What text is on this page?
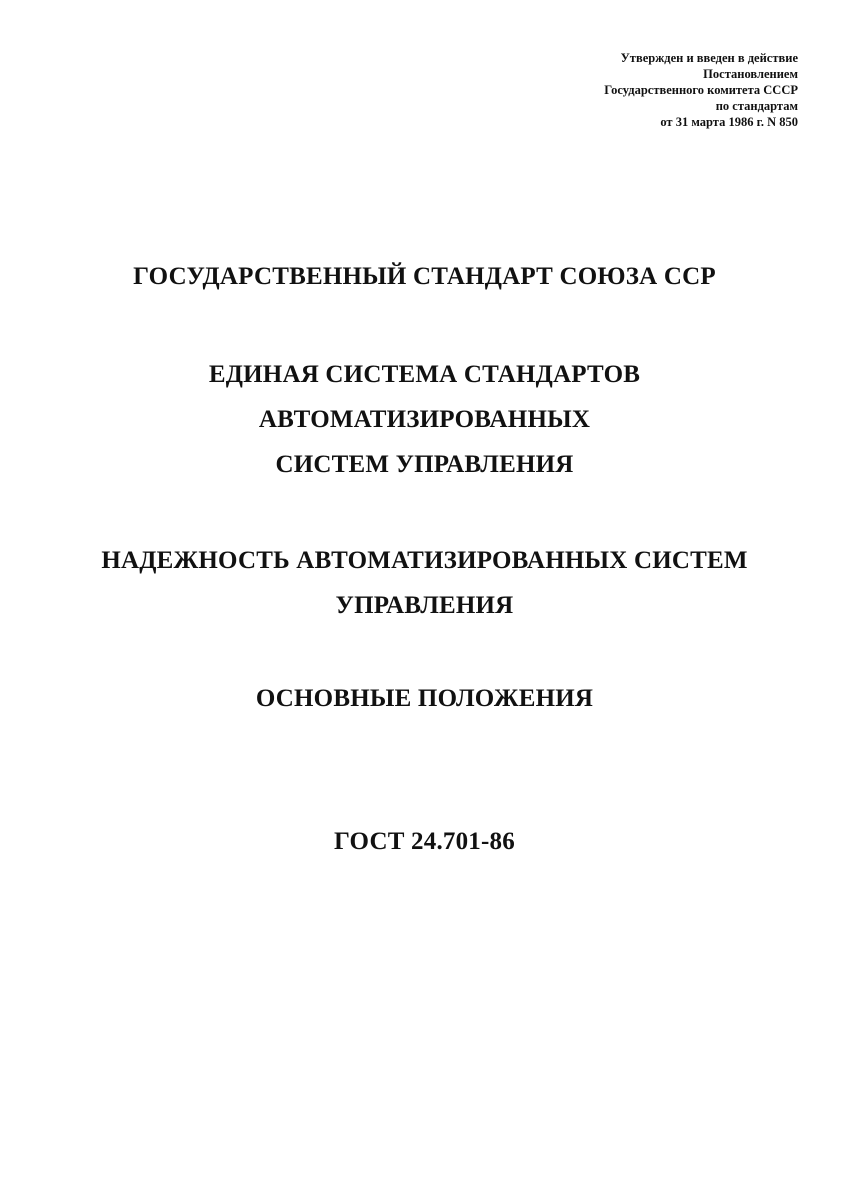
Утвержден и введен в действие
Постановлением
Государственного комитета СССР
по стандартам
от 31 марта 1986 г. N 850
ГОСУДАРСТВЕННЫЙ СТАНДАРТ СОЮЗА ССР
ЕДИНАЯ СИСТЕМА СТАНДАРТОВ
АВТОМАТИЗИРОВАННЫХ
СИСТЕМ УПРАВЛЕНИЯ
НАДЕЖНОСТЬ АВТОМАТИЗИРОВАННЫХ СИСТЕМ
УПРАВЛЕНИЯ
ОСНОВНЫЕ ПОЛОЖЕНИЯ
ГОСТ 24.701-86
